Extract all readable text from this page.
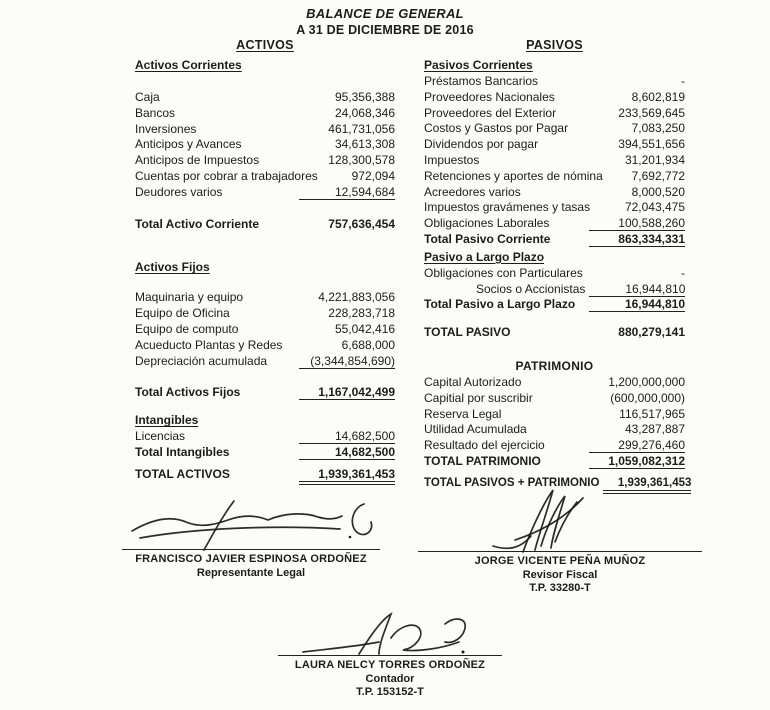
BALANCE DE GENERAL
A 31 DE DICIEMBRE DE 2016
ACTIVOS
Activos Corrientes
Caja	95,356,388
Bancos	24,068,346
Inversiones	461,731,056
Anticipos y Avances	34,613,308
Anticipos de Impuestos	128,300,578
Cuentas por cobrar a trabajadores	972,094
Deudores varios	12,594,684
Total Activo Corriente	757,636,454
Activos Fijos
Maquinaria y equipo	4,221,883,056
Equipo de Oficina	228,283,718
Equipo de computo	55,042,416
Acueducto Plantas y Redes	6,688,000
Depreciación acumulada	(3,344,854,690)
Total Activos Fijos	1,167,042,499
Intangibles
Licencias	14,682,500
Total Intangibles	14,682,500
TOTAL ACTIVOS	1,939,361,453
PASIVOS
Pasivos Corrientes
Préstamos Bancarios	-
Proveedores Nacionales	8,602,819
Proveedores del Exterior	233,569,645
Costos y Gastos por Pagar	7,083,250
Dividendos por pagar	394,551,656
Impuestos	31,201,934
Retenciones y aportes de nómina	7,692,772
Acreedores varios	8,000,520
Impuestos gravámenes y tasas	72,043,475
Obligaciones Laborales	100,588,260
Total Pasivo Corriente	863,334,331
Pasivo a Largo Plazo
Obligaciones con Particulares	-
Socios o Accionistas	16,944,810
Total Pasivo a Largo Plazo	16,944,810
TOTAL PASIVO	880,279,141
PATRIMONIO
Capital Autorizado	1,200,000,000
Capitial por suscribir	(600,000,000)
Reserva Legal	116,517,965
Utilidad Acumulada	43,287,887
Resultado del ejercicio	299,276,460
TOTAL PATRIMONIO	1,059,082,312
TOTAL PASIVOS + PATRIMONIO	1,939,361,453
FRANCISCO JAVIER ESPINOSA ORDOÑEZ
Representante Legal
JORGE VICENTE PEÑA MUÑOZ
Revisor Fiscal
T.P. 33280-T
LAURA NELCY TORRES ORDOÑEZ
Contador
T.P. 153152-T
